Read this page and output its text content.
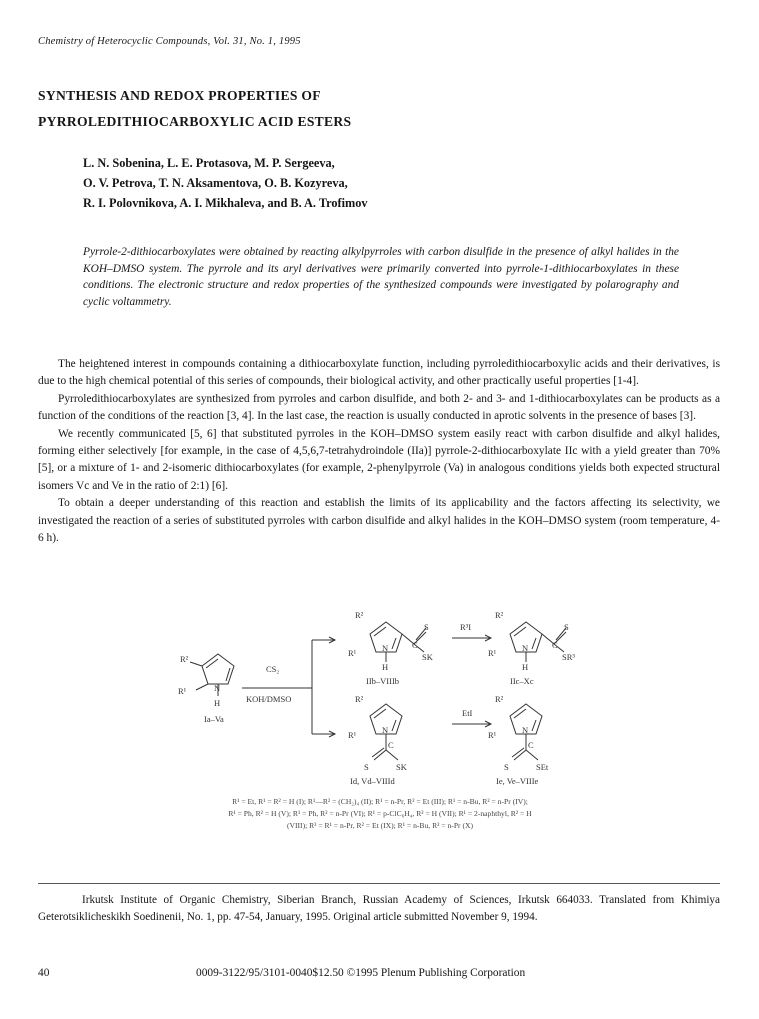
Chemistry of Heterocyclic Compounds, Vol. 31, No. 1, 1995
SYNTHESIS AND REDOX PROPERTIES OF
PYRROLEDITHIOCARBOXYLIC ACID ESTERS
L. N. Sobenina, L. E. Protasova, M. P. Sergeeva,
O. V. Petrova, T. N. Aksamentova, O. B. Kozyreva,
R. I. Polovnikova, A. I. Mikhaleva, and B. A. Trofimov

Pyrrole-2-dithiocarboxylates were obtained by reacting alkylpyrroles with carbon disulfide in the presence of alkyl halides in the KOH–DMSO system. The pyrrole and its aryl derivatives were primarily converted into pyrrole-1-dithiocarboxylates in these conditions. The electronic structure and redox properties of the synthesized compounds were investigated by polarography and cyclic voltammetry.

The heightened interest in compounds containing a dithiocarboxylate function, including pyrroledithiocarboxylic acids and their derivatives, is due to the high chemical potential of this series of compounds, their biological activity, and other practically useful properties [1-4].

Pyrroledithiocarboxylates are synthesized from pyrroles and carbon disulfide, and both 2- and 3- and 1-dithiocarboxylates can be products as a function of the conditions of the reaction [3, 4]. In the last case, the reaction is usually conducted in aprotic solvents in the presence of bases [3].

We recently communicated [5, 6] that substituted pyrroles in the KOH–DMSO system easily react with carbon disulfide and alkyl halides, forming either selectively [for example, in the case of 4,5,6,7-tetrahydroindole (IIa)] pyrrole-2-dithiocarboxylate IIc with a yield greater than 70% [5], or a mixture of 1- and 2-isomeric dithiocarboxylates (for example, 2-phenylpyrrole (Va) in analogous conditions yields both expected structural isomers Vc and Ve in the ratio of 2:1) [6].

To obtain a deeper understanding of this reaction and establish the limits of its applicability and the factors affecting its selectivity, we investigated the reaction of a series of substituted pyrroles with carbon disulfide and alkyl halides in the KOH–DMSO system (room temperature, 4-6 h).

R²
R¹	N
H
Ia–Va
CS₂
KOH/DMSO
R²
R¹	N
H
S
SK
C
IIb–VIIIb
R³I
R²
R¹	N
H
S
SR³
C
IIc–Xc
R²
R¹	N
C
S	SK
Id, Vd–VIIId
EtI
R²
R¹	N
C
S	SEt
Ie, Ve–VIIIe

R¹ = Et, R¹ = R² = H (I); R¹—R² = (CH₂)₄ (II); R¹ = n-Pr, R² = Et (III); R¹ = n-Bu, R² = n-Pr (IV);

R¹ = Ph, R² = H (V); R¹ = Ph, R² = n-Pr (VI); R¹ = p-ClC₆H₄, R² = H (VII); R¹ = 2-naphthyl, R² = H

(VIII); R³ = R¹ = n-Pr, R² = Et (IX); R¹ = n-Bu, R² = n-Pr (X)

Irkutsk Institute of Organic Chemistry, Siberian Branch, Russian Academy of Sciences, Irkutsk 664033. Translated from Khimiya Geterotsiklicheskikh Soedinenii, No. 1, pp. 47-54, January, 1995. Original article submitted November 9, 1994.
40	0009-3122/95/3101-0040$12.50 ©1995 Plenum Publishing Corporation
